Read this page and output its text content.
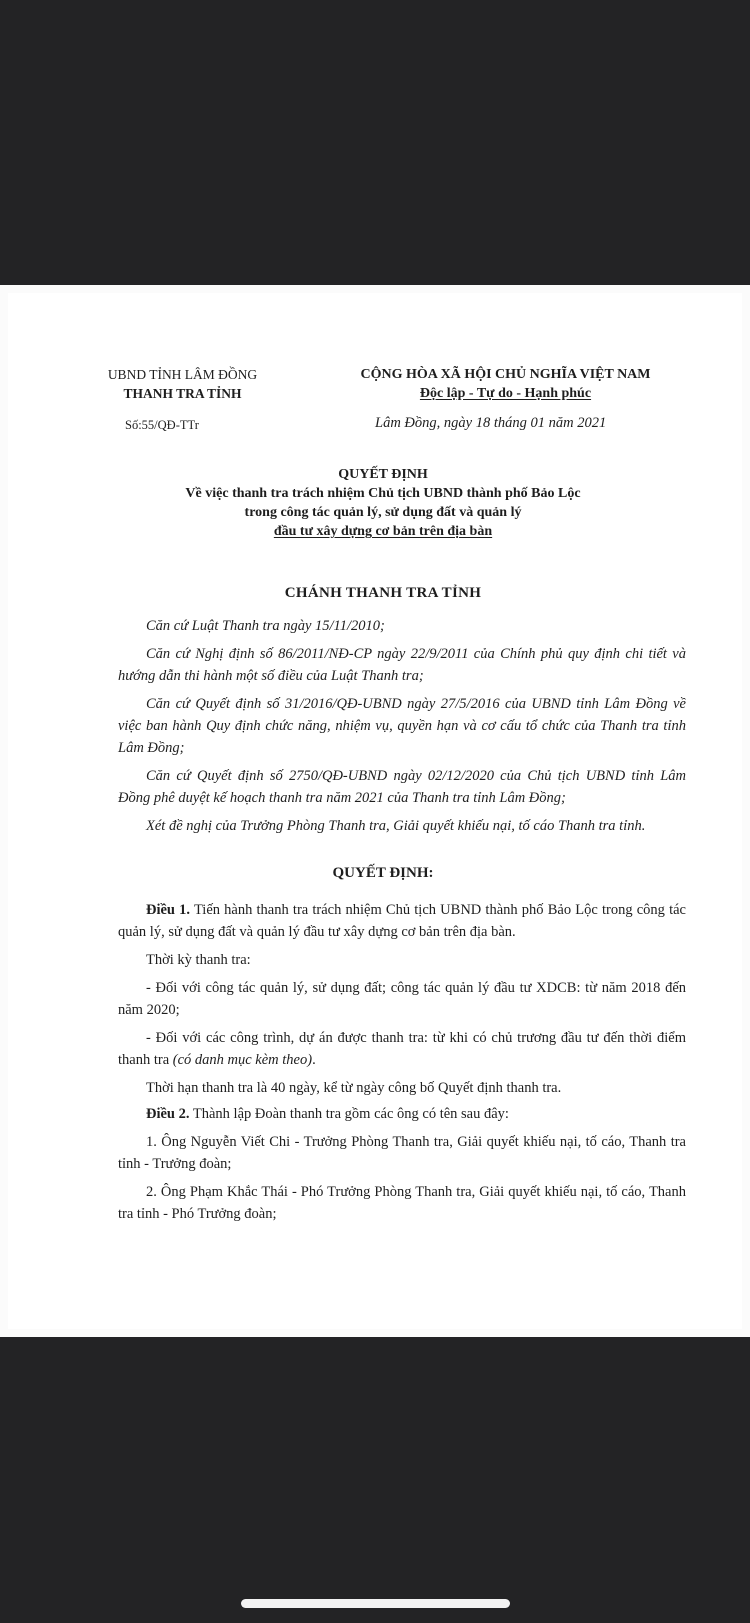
UBND TỈNH LÂM ĐỒNG
THANH TRA TỈNH
CỘNG HÒA XÃ HỘI CHỦ NGHĨA VIỆT NAM
Độc lập - Tự do - Hạnh phúc
Số:55/QĐ-TTr	Lâm Đồng, ngày 18 tháng 01 năm 2021
QUYẾT ĐỊNH
Về việc thanh tra trách nhiệm Chủ tịch UBND thành phố Bảo Lộc
trong công tác quản lý, sử dụng đất và quản lý
đầu tư xây dựng cơ bản trên địa bàn
CHÁNH THANH TRA TỈNH

Căn cứ Luật Thanh tra ngày 15/11/2010;

Căn cứ Nghị định số 86/2011/NĐ-CP ngày 22/9/2011 của Chính phủ quy định chi tiết và hướng dẫn thi hành một số điều của Luật Thanh tra;

Căn cứ Quyết định số 31/2016/QĐ-UBND ngày 27/5/2016 của UBND tỉnh Lâm Đồng về việc ban hành Quy định chức năng, nhiệm vụ, quyền hạn và cơ cấu tổ chức của Thanh tra tỉnh Lâm Đồng;

Căn cứ Quyết định số 2750/QĐ-UBND ngày 02/12/2020 của Chủ tịch UBND tỉnh Lâm Đồng phê duyệt kế hoạch thanh tra năm 2021 của Thanh tra tỉnh Lâm Đồng;

Xét đề nghị của Trưởng Phòng Thanh tra, Giải quyết khiếu nại, tố cáo Thanh tra tỉnh.

QUYẾT ĐỊNH:

Điều 1. Tiến hành thanh tra trách nhiệm Chủ tịch UBND thành phố Bảo Lộc trong công tác quản lý, sử dụng đất và quản lý đầu tư xây dựng cơ bản trên địa bàn.

Thời kỳ thanh tra:

- Đối với công tác quản lý, sử dụng đất; công tác quản lý đầu tư XDCB: từ năm 2018 đến năm 2020;

- Đối với các công trình, dự án được thanh tra: từ khi có chủ trương đầu tư đến thời điểm thanh tra (có danh mục kèm theo).

Thời hạn thanh tra là 40 ngày, kể từ ngày công bố Quyết định thanh tra.

Điều 2. Thành lập Đoàn thanh tra gồm các ông có tên sau đây:

1. Ông Nguyễn Viết Chi - Trưởng Phòng Thanh tra, Giải quyết khiếu nại, tố cáo, Thanh tra tỉnh - Trưởng đoàn;

2. Ông Phạm Khắc Thái - Phó Trưởng Phòng Thanh tra, Giải quyết khiếu nại, tố cáo, Thanh tra tỉnh - Phó Trưởng đoàn;
